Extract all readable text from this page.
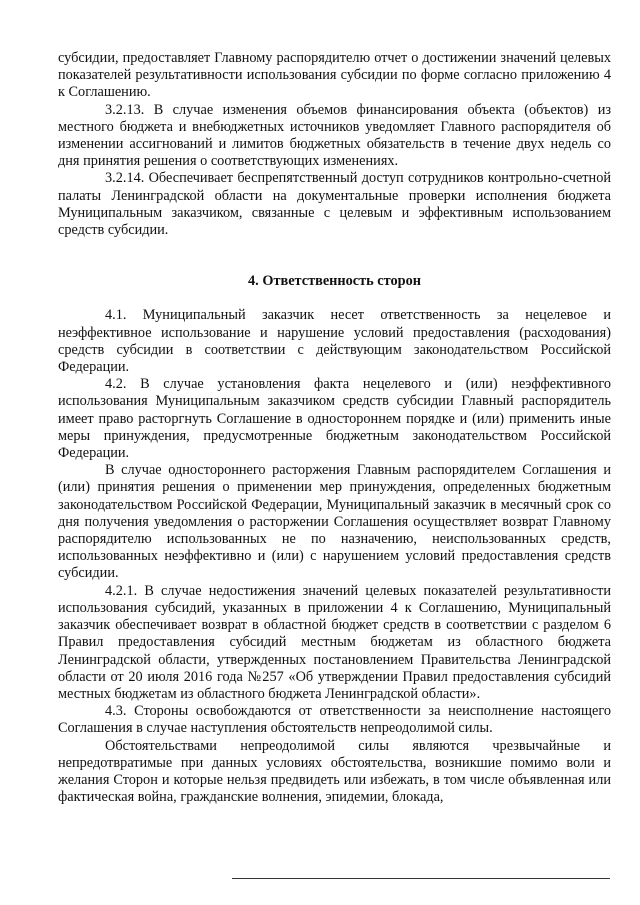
субсидии, предоставляет Главному распорядителю отчет о достижении значений целевых показателей результативности использования субсидии по форме согласно приложению 4 к Соглашению.

3.2.13. В случае изменения объемов финансирования объекта (объектов) из местного бюджета и внебюджетных источников уведомляет Главного распорядителя об изменении ассигнований и лимитов бюджетных обязательств в течение двух недель со дня принятия решения о соответствующих изменениях.

3.2.14. Обеспечивает беспрепятственный доступ сотрудников контрольно-счетной палаты Ленинградской области на документальные проверки исполнения бюджета Муниципальным заказчиком, связанные с целевым и эффективным использованием средств субсидии.

4. Ответственность сторон

4.1. Муниципальный заказчик несет ответственность за нецелевое и неэффективное использование и нарушение условий предоставления (расходования) средств субсидии в соответствии с действующим законодательством Российской Федерации.

4.2. В случае установления факта нецелевого и (или) неэффективного использования Муниципальным заказчиком средств субсидии Главный распорядитель имеет право расторгнуть Соглашение в одностороннем порядке и (или) применить иные меры принуждения, предусмотренные бюджетным законодательством Российской Федерации.

В случае одностороннего расторжения Главным распорядителем Соглашения и (или) принятия решения о применении мер принуждения, определенных бюджетным законодательством Российской Федерации, Муниципальный заказчик в месячный срок со дня получения уведомления о расторжении Соглашения осуществляет возврат Главному распорядителю использованных не по назначению, неиспользованных средств, использованных неэффективно и (или) с нарушением условий предоставления средств субсидии.

4.2.1. В случае недостижения значений целевых показателей результативности использования субсидий, указанных в приложении 4 к Соглашению, Муниципальный заказчик обеспечивает возврат в областной бюджет средств в соответствии с разделом 6 Правил предоставления субсидий местным бюджетам из областного бюджета Ленинградской области, утвержденных постановлением Правительства Ленинградской области от 20 июля 2016 года №257 «Об утверждении Правил предоставления субсидий местных бюджетам из областного бюджета Ленинградской области».

4.3. Стороны освобождаются от ответственности за неисполнение настоящего Соглашения в случае наступления обстоятельств непреодолимой силы.

Обстоятельствами непреодолимой силы являются чрезвычайные и непредотвратимые при данных условиях обстоятельства, возникшие помимо воли и желания Сторон и которые нельзя предвидеть или избежать, в том числе объявленная или фактическая война, гражданские волнения, эпидемии, блокада,
